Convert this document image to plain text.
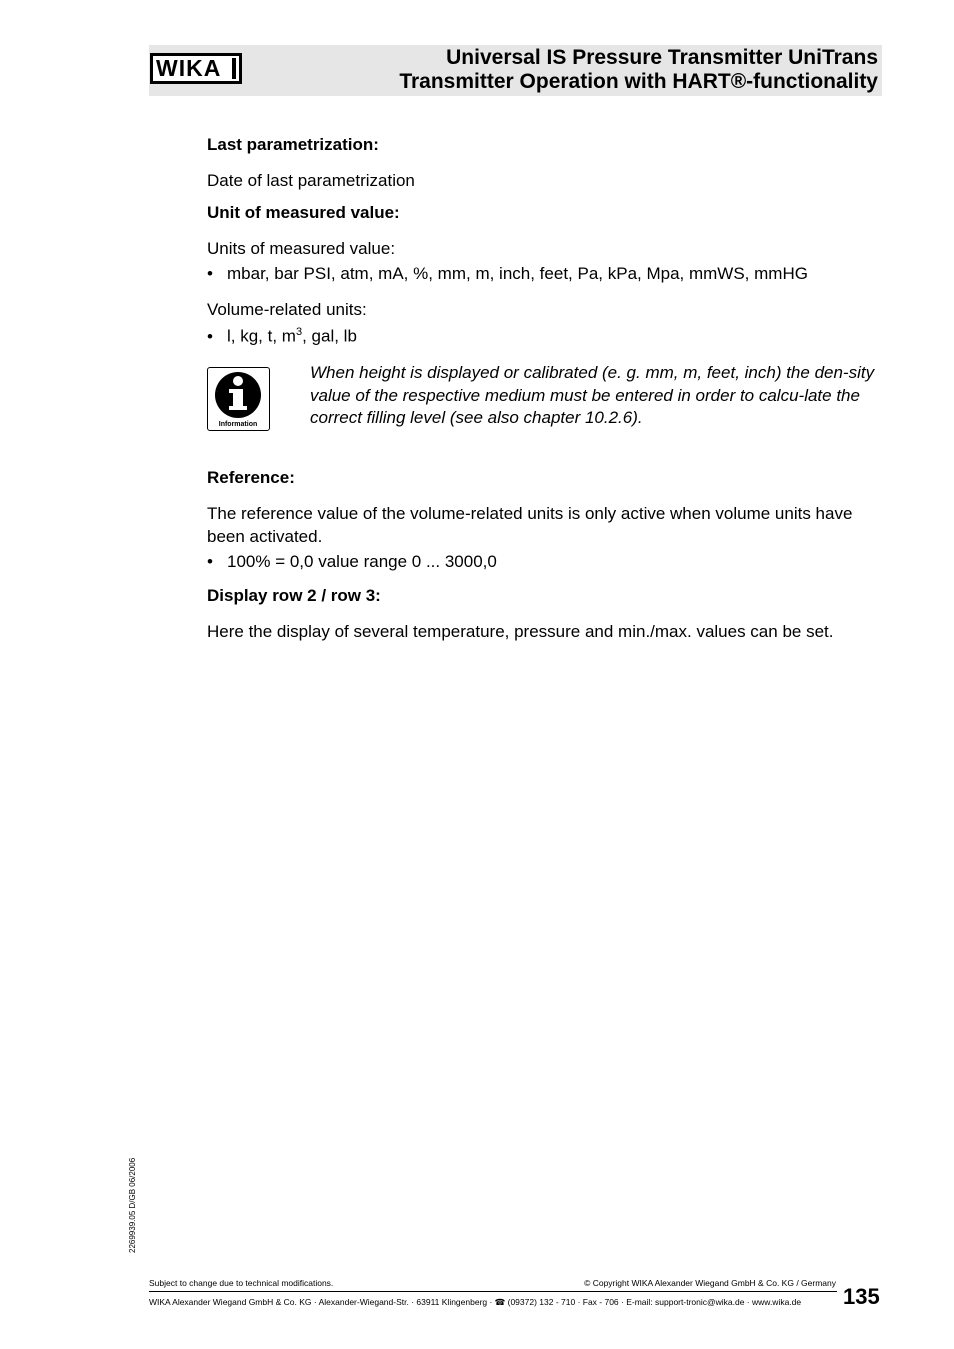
WIKA	Universal IS Pressure Transmitter UniTrans
Transmitter Operation with HART®-functionality
Last parametrization:
Date of last parametrization
Unit of measured value:
Units of measured value:
• mbar, bar PSI, atm, mA, %, mm, m, inch, feet, Pa, kPa, Mpa, mmWS, mmHG
Volume-related units:
• l, kg, t, $m^3$, gal, lb
Information
When height is displayed or calibrated (e. g. mm, m, feet, inch) the den-sity value of the respective medium must be entered in order to calcu-late the correct filling level (see also chapter 10.2.6).
Reference:
The reference value of the volume-related units is only active when volume units have been activated.
• 100% = 0,0 value range 0 ... 3000,0
Display row 2 / row 3:
Here the display of several temperature, pressure and min./max. values can be set.
2269939.05 D/GB 06/2006
Subject to change due to technical modifications.	© Copyright WIKA Alexander Wiegand GmbH & Co. KG / Germany
WIKA Alexander Wiegand GmbH & Co. KG · Alexander-Wiegand-Str. · 63911 Klingenberg · ☎ (09372) 132 - 710 · Fax - 706 · E-mail: support-tronic@wika.de · www.wika.de 135
